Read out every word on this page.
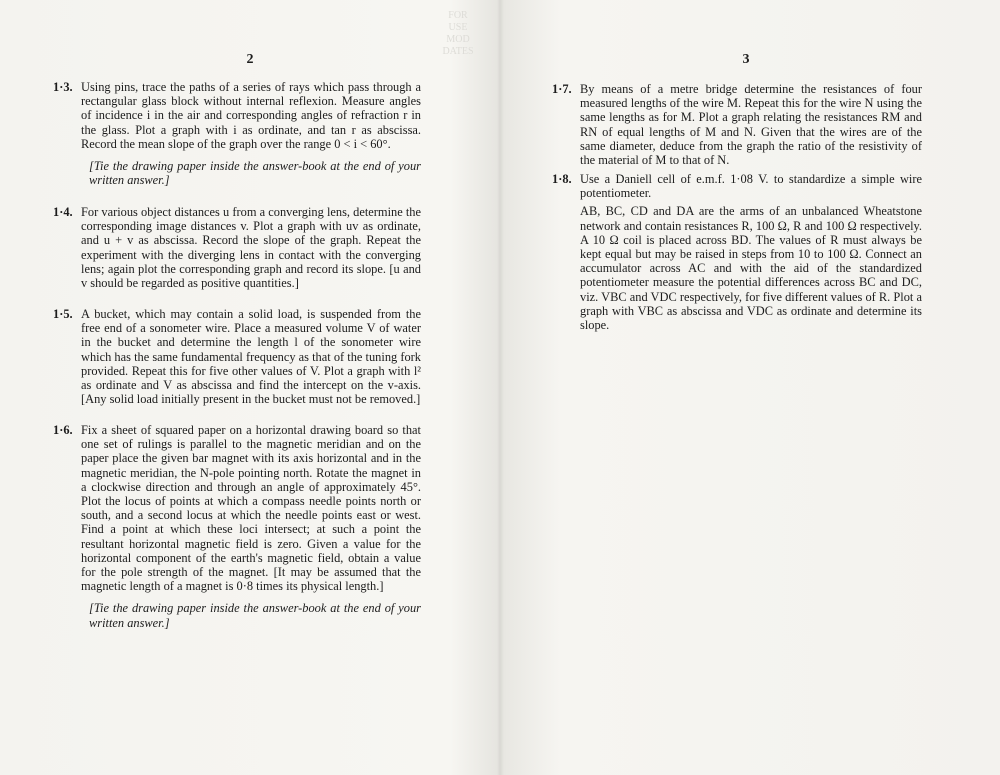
FOR
USE
MOD
DATES
2
1·3. Using pins, trace the paths of a series of rays which pass through a rectangular glass block without internal reflexion. Measure angles of incidence i in the air and corresponding angles of refraction r in the glass. Plot a graph with i as ordinate, and tan r as abscissa. Record the mean slope of the graph over the range 0 < i < 60°.

[Tie the drawing paper inside the answer-book at the end of your written answer.]

1·4. For various object distances u from a converging lens, determine the corresponding image distances v. Plot a graph with uv as ordinate, and u + v as abscissa. Record the slope of the graph. Repeat the experiment with the diverging lens in contact with the converging lens; again plot the corresponding graph and record its slope. [u and v should be regarded as positive quantities.]

1·5. A bucket, which may contain a solid load, is suspended from the free end of a sonometer wire. Place a measured volume V of water in the bucket and determine the length l of the sonometer wire which has the same fundamental frequency as that of the tuning fork provided. Repeat this for five other values of V. Plot a graph with l² as ordinate and V as abscissa and find the intercept on the v-axis. [Any solid load initially present in the bucket must not be removed.]

1·6. Fix a sheet of squared paper on a horizontal drawing board so that one set of rulings is parallel to the magnetic meridian and on the paper place the given bar magnet with its axis horizontal and in the magnetic meridian, the N-pole pointing north. Rotate the magnet in a clockwise direction and through an angle of approximately 45°. Plot the locus of points at which a compass needle points north or south, and a second locus at which the needle points east or west. Find a point at which these loci intersect; at such a point the resultant horizontal magnetic field is zero. Given a value for the horizontal component of the earth's magnetic field, obtain a value for the pole strength of the magnet. [It may be assumed that the magnetic length of a magnet is 0·8 times its physical length.]

[Tie the drawing paper inside the answer-book at the end of your written answer.]

3
1·7. By means of a metre bridge determine the resistances of four measured lengths of the wire M. Repeat this for the wire N using the same lengths as for M. Plot a graph relating the resistances RM and RN of equal lengths of M and N. Given that the wires are of the same diameter, deduce from the graph the ratio of the resistivity of the material of M to that of N.

1·8. Use a Daniell cell of e.m.f. 1·08 V. to standardize a simple wire potentiometer.

AB, BC, CD and DA are the arms of an unbalanced Wheatstone network and contain resistances R, 100 Ω, R and 100 Ω respectively. A 10 Ω coil is placed across BD. The values of R must always be kept equal but may be raised in steps from 10 to 100 Ω. Connect an accumulator across AC and with the aid of the standardized potentiometer measure the potential differences across BC and DC, viz. VBC and VDC respectively, for five different values of R. Plot a graph with VBC as abscissa and VDC as ordinate and determine its slope.
